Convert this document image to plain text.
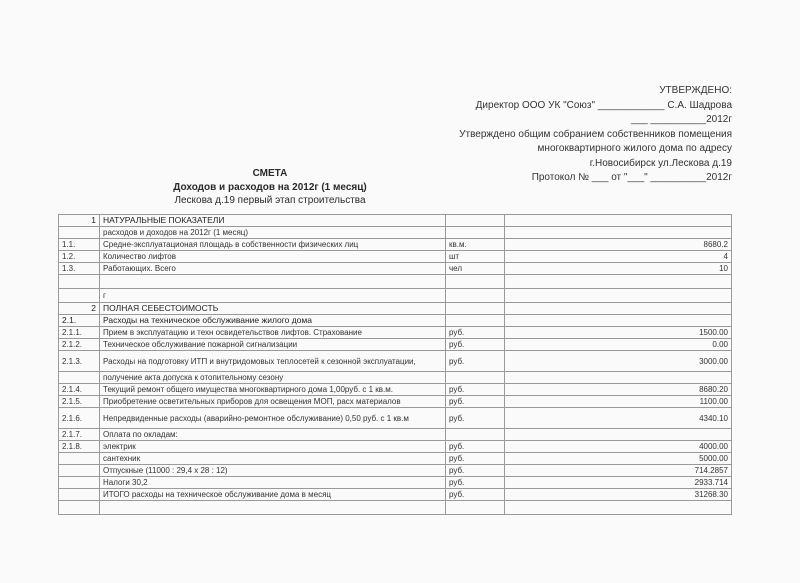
УТВЕРЖДЕНО:
Директор ООО УК "Союз" ____________ С.А. Шадрова
___ __________2012г
Утверждено общим собранием собственников помещения
многоквартирного жилого дома по адресу
г.Новосибирск ул.Лескова д.19
Протокол № ___ от "___" __________2012г
СМЕТА
Доходов и расходов на 2012г (1 месяц)
Лескова д.19 первый этап строительства
1	НАТУРАЛЬНЫЕ ПОКАЗАТЕЛИ		
	расходов и доходов на 2012г (1 месяц)		
1.1.	Средне-эксплуатационая площадь в собственности физических лиц	кв.м.	8680.2
1.2.	Количество лифтов	шт	4
1.3.	Работающих. Всего	чел	10

	г		
2	ПОЛНАЯ СЕБЕСТОИМОСТЬ		
2.1.	Расходы на техническое обслуживание жилого дома		
2.1.1.	Прием в эксплуатацию и техн освидетельствов лифтов. Страхование	руб.	1500.00
2.1.2.	Техническое обслуживание пожарной сигнализации	руб.	0.00
2.1.3.	Расходы на подготовку ИТП и внутридомовых теплосетей к сезонной эксплуатации,	руб.	3000.00
	получение акта допуска к отопительному сезону		
2.1.4.	Текущий ремонт общего имущества многоквартирного дома 1,00руб. с 1 кв.м.	руб.	8680.20
2.1.5.	Приобретение осветительных приборов для освещения МОП, расх материалов	руб.	1100.00
2.1.6.	Непредвиденные расходы (аварийно-ремонтное обслуживание) 0,50 руб. с 1 кв.м	руб.	4340.10
2.1.7.	Оплата по окладам:		
2.1.8.	электрик	руб.	4000.00
	сантехник	руб.	5000.00
	Отпускные (11000 : 29,4 х 28 : 12)	руб.	714.2857
	Налоги 30,2	руб.	2933.714
	ИТОГО расходы на техническое обслуживание дома в месяц	руб.	31268.30
